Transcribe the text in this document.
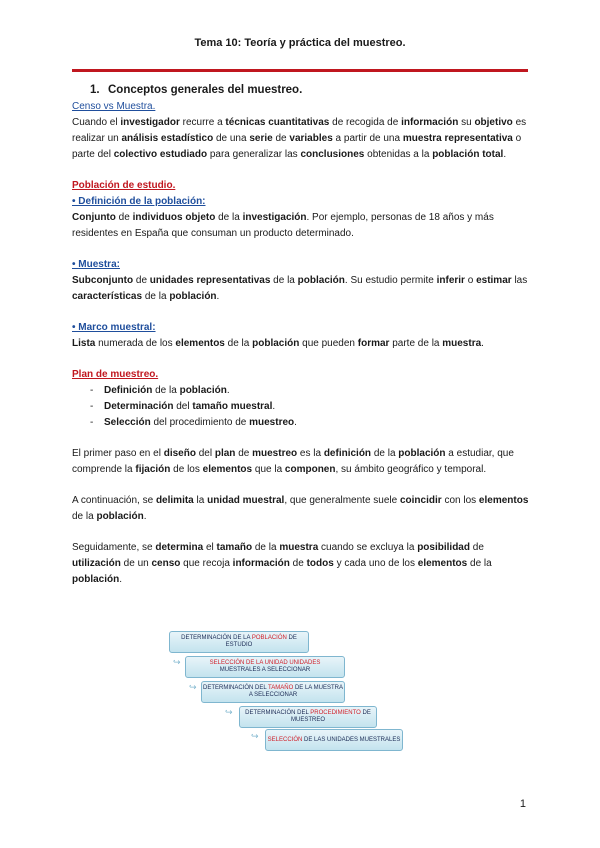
Tema 10: Teoría y práctica del muestreo.
1. Conceptos generales del muestreo.

Censo vs Muestra.

Cuando el investigador recurre a técnicas cuantitativas de recogida de información su objetivo es realizar un análisis estadístico de una serie de variables a partir de una muestra representativa o parte del colectivo estudiado para generalizar las conclusiones obtenidas a la población total.

Población de estudio.

• Definición de la población:

Conjunto de individuos objeto de la investigación. Por ejemplo, personas de 18 años y más residentes en España que consuman un producto determinado.

• Muestra:

Subconjunto de unidades representativas de la población. Su estudio permite inferir o estimar las características de la población.

• Marco muestral:

Lista numerada de los elementos de la población que pueden formar parte de la muestra.

Plan de muestreo.

-	Definición de la población.
-	Determinación del tamaño muestral.
-	Selección del procedimiento de muestreo.

El primer paso en el diseño del plan de muestreo es la definición de la población a estudiar, que comprende la fijación de los elementos que la componen, su ámbito geográfico y temporal.

A continuación, se delimita la unidad muestral, que generalmente suele coincidir con los elementos de la población.

Seguidamente, se determina el tamaño de la muestra cuando se excluya la posibilidad de utilización de un censo que recoja información de todos y cada uno de los elementos de la población.

DETERMINACIÓN DE LA POBLACIÓN DE ESTUDIO
↪	SELECCIÓN DE LA UNIDAD UNIDADES
MUESTRALES A SELECCIONAR
↪ DETERMINACIÓN DEL TAMAÑO DE LA MUESTRA A SELECCIONAR
↪	DETERMINACIÓN DEL PROCEDIMIENTO DE MUESTREO
↪ SELECCIÓN DE LAS UNIDADES MUESTRALES
1
